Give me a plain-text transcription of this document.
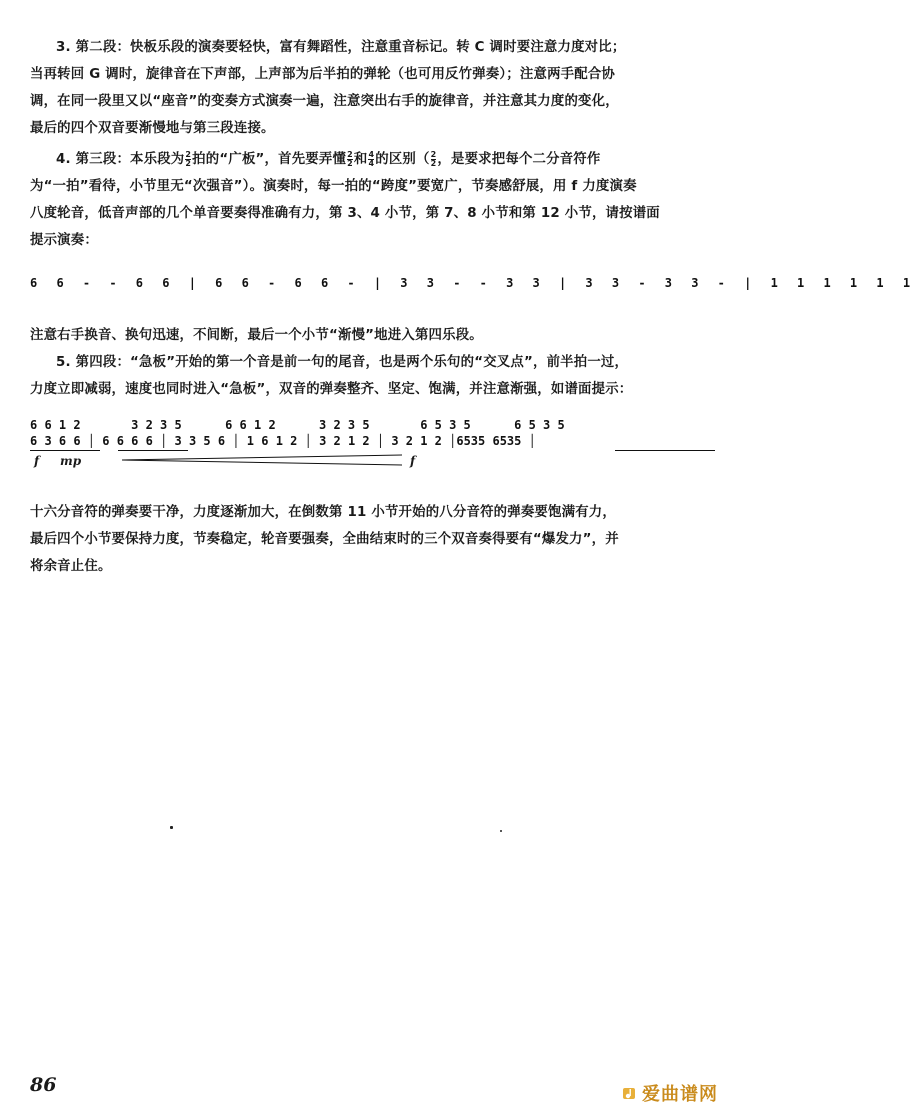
3. 第二段：快板乐段的演奏要轻快，富有舞蹈性，注意重音标记。转 C 调时要注意力度对比；
当再转回 G 调时，旋律音在下声部，上声部为后半拍的弹轮（也可用反竹弹奏）；注意两手配合协
调，在同一段里又以“座音”的变奏方式演奏一遍，注意突出右手的旋律音，并注意其力度的变化，
最后的四个双音要渐慢地与第三段连接。
4. 第三段：本乐段为 $\frac{2}{2}$ 拍的“广板”，首先要弄懂 $\frac{2}{2}$ 和 $\frac{4}{4}$ 的区别（ $\frac{2}{2}$ ，是要求把每个二分音符作
为“一拍”看待，小节里无“次强音”）。演奏时，每一拍的“跨度”要宽广，节奏感舒展，用 f 力度演奏
八度轮音，低音声部的几个单音要奏得准确有力，第 3、4 小节，第 7、8 小节和第 12 小节，请按谱面
提示演奏：
6 6 - - 6 6 | 6 6 - 6 6 - | 3 3 - - 3 3 | 3 3 - 3 3 - | 1 1 1 1 1 1
注意右手换音、换句迅速，不间断，最后一个小节“渐慢”地进入第四乐段。
5. 第四段：“急板”开始的第一个音是前一句的尾音，也是两个乐句的“交叉点”，前半拍一过，
力度立即减弱，速度也同时进入“急板”，双音的弹奏整齐、坚定、饱满，并注意渐强，如谱面提示：
6 6 1 2	3 2 3 5	6 6 1 2	3 2 3 5	6 5 3 5	6 5 3 5
6 3 6 6 │ 6 6 6 6 │ 3 3 5 6 │ 1 6 1 2 │ 3 2 1 2 │ 3 2 1 2 │6535 6535 │
f mp	f
十六分音符的弹奏要干净，力度逐渐加大，在倒数第 11 小节开始的八分音符的弹奏要饱满有力，
最后四个小节要保持力度，节奏稳定，轮音要强奏，全曲结束时的三个双音奏得要有“爆发力”，并
将余音止住。
86	爱曲谱网
